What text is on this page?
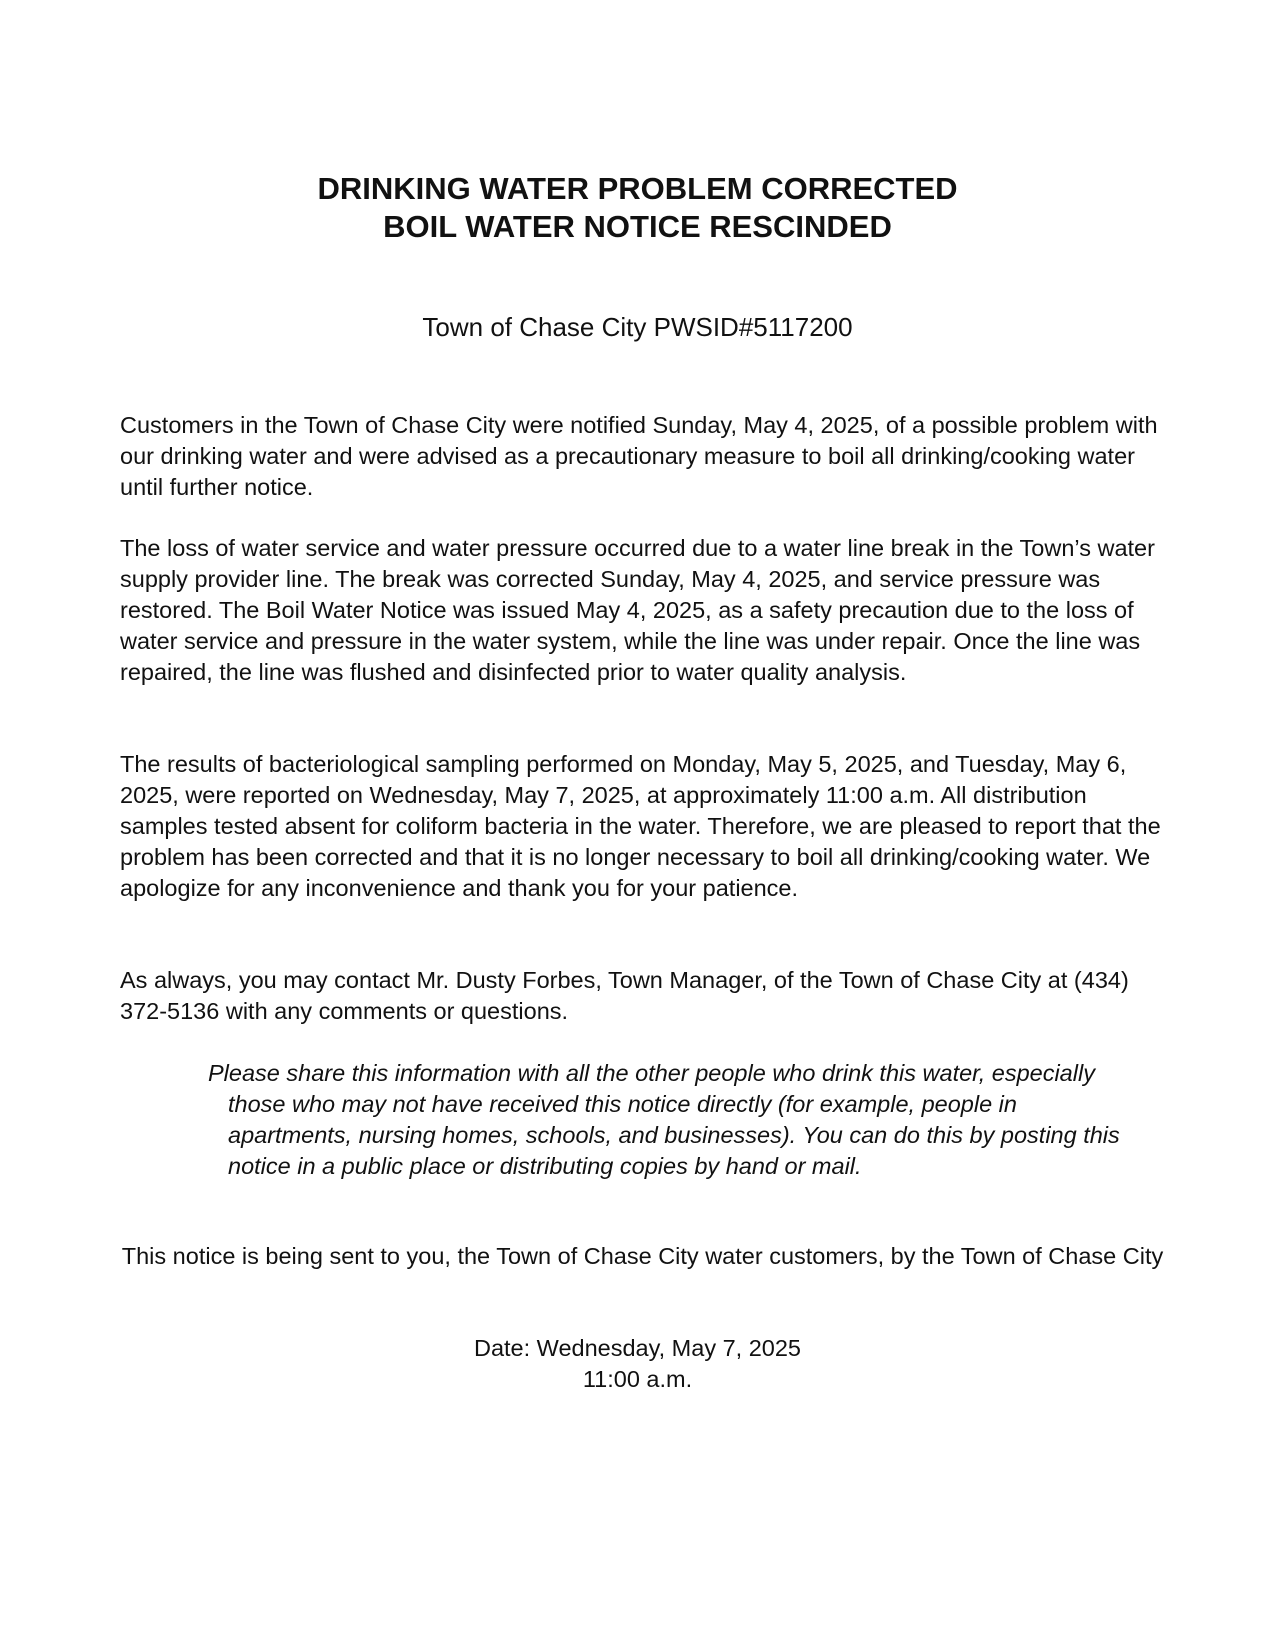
DRINKING WATER PROBLEM CORRECTED
BOIL WATER NOTICE RESCINDED
Town of Chase City PWSID#5117200

Customers in the Town of Chase City were notified Sunday, May 4, 2025, of a possible problem with our drinking water and were advised as a precautionary measure to boil all drinking/cooking water until further notice.

The loss of water service and water pressure occurred due to a water line break in the Town’s water supply provider line. The break was corrected Sunday, May 4, 2025, and service pressure was restored. The Boil Water Notice was issued May 4, 2025, as a safety precaution due to the loss of water service and pressure in the water system, while the line was under repair. Once the line was repaired, the line was flushed and disinfected prior to water quality analysis.

The results of bacteriological sampling performed on Monday, May 5, 2025, and Tuesday, May 6, 2025, were reported on Wednesday, May 7, 2025, at approximately 11:00 a.m. All distribution samples tested absent for coliform bacteria in the water. Therefore, we are pleased to report that the problem has been corrected and that it is no longer necessary to boil all drinking/cooking water. We apologize for any inconvenience and thank you for your patience.

As always, you may contact Mr. Dusty Forbes, Town Manager, of the Town of Chase City at (434) 372-5136 with any comments or questions.

Please share this information with all the other people who drink this water, especially those who may not have received this notice directly (for example, people in apartments, nursing homes, schools, and businesses). You can do this by posting this notice in a public place or distributing copies by hand or mail.

This notice is being sent to you, the Town of Chase City water customers, by the Town of Chase City

Date: Wednesday, May 7, 2025
11:00 a.m.
